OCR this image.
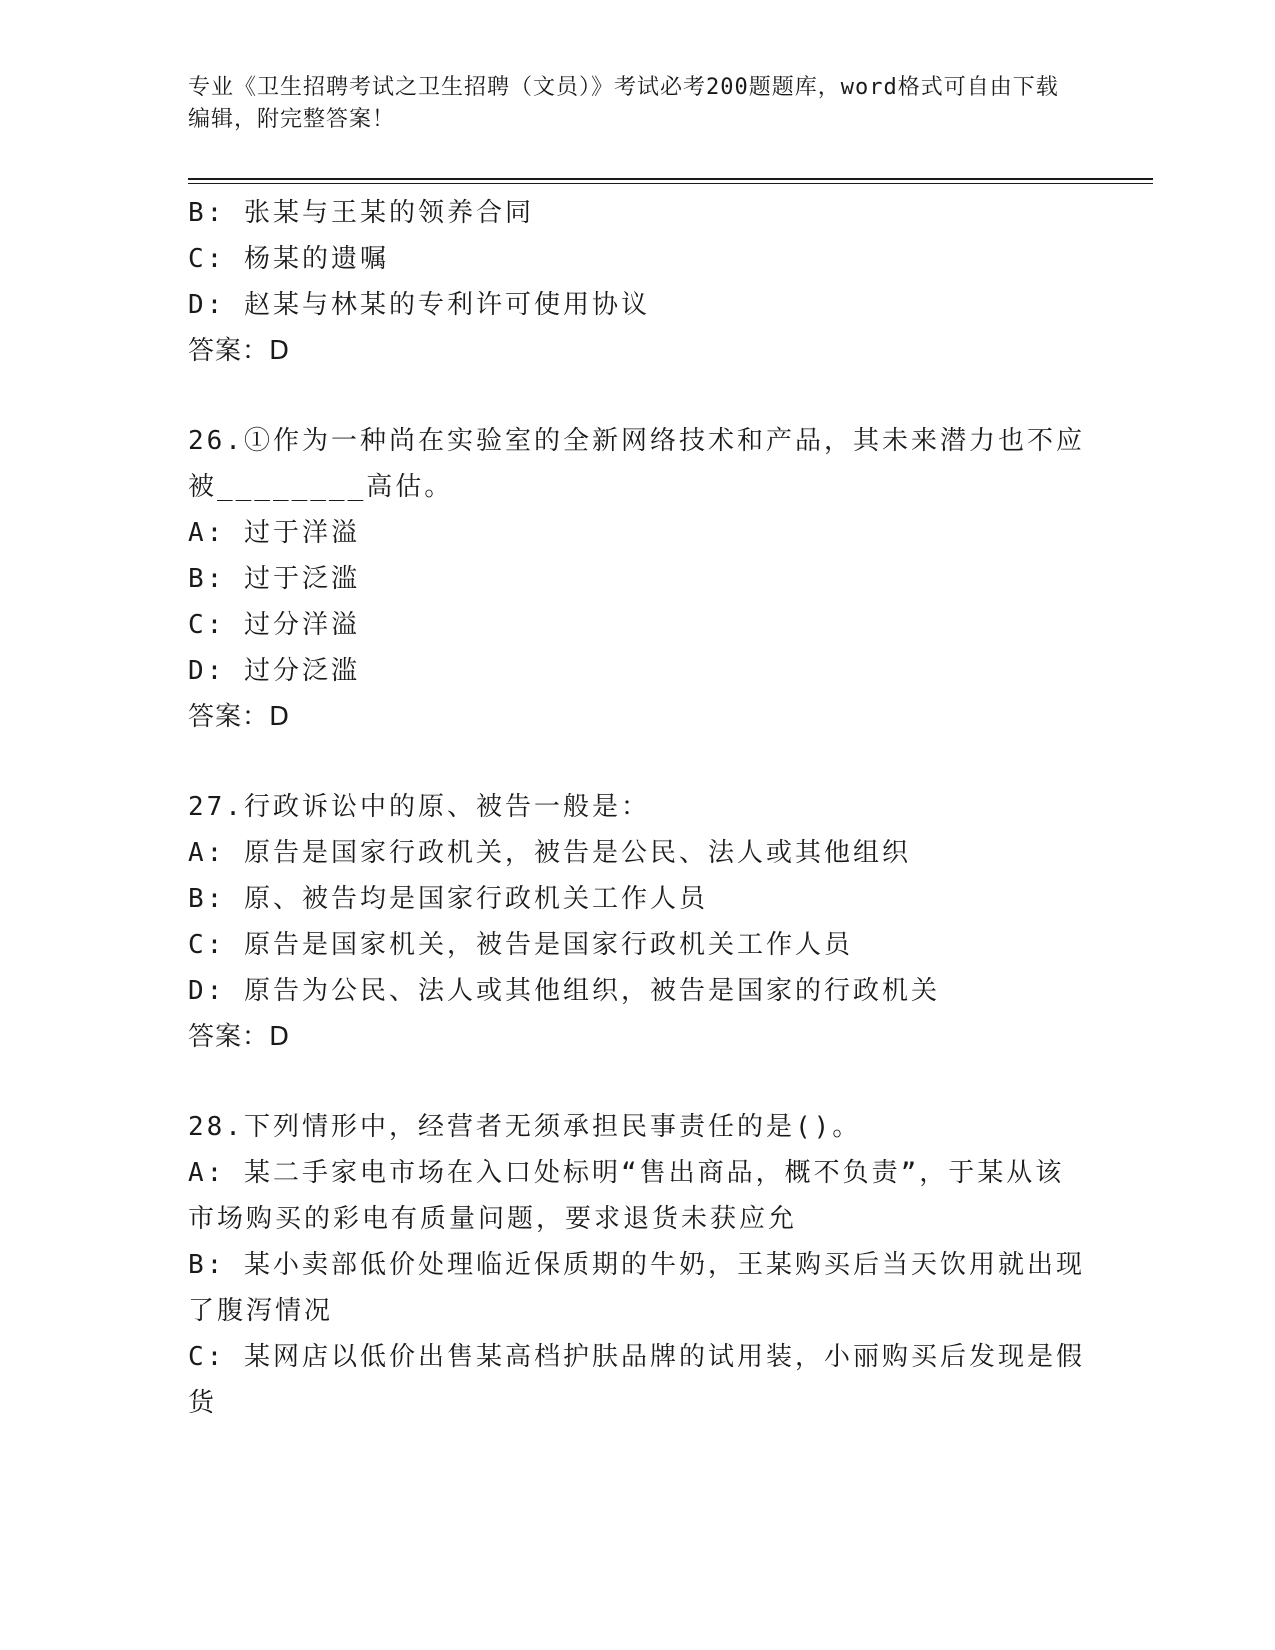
专业《卫生招聘考试之卫生招聘（文员）》考试必考200题题库，word格式可自由下载编辑，附完整答案！
B: 张某与王某的领养合同
C: 杨某的遗嘱
D: 赵某与林某的专利许可使用协议
答案：D
26.①作为一种尚在实验室的全新网络技术和产品，其未来潜力也不应被________高估。
A: 过于洋溢
B: 过于泛滥
C: 过分洋溢
D: 过分泛滥
答案：D
27.行政诉讼中的原、被告一般是：
A: 原告是国家行政机关，被告是公民、法人或其他组织
B: 原、被告均是国家行政机关工作人员
C: 原告是国家机关，被告是国家行政机关工作人员
D: 原告为公民、法人或其他组织，被告是国家的行政机关
答案：D
28.下列情形中，经营者无须承担民事责任的是()。
A: 某二手家电市场在入口处标明“售出商品，概不负责”，于某从该市场购买的彩电有质量问题，要求退货未获应允
B: 某小卖部低价处理临近保质期的牛奶，王某购买后当天饮用就出现了腹泻情况
C: 某网店以低价出售某高档护肤品牌的试用装，小丽购买后发现是假货
